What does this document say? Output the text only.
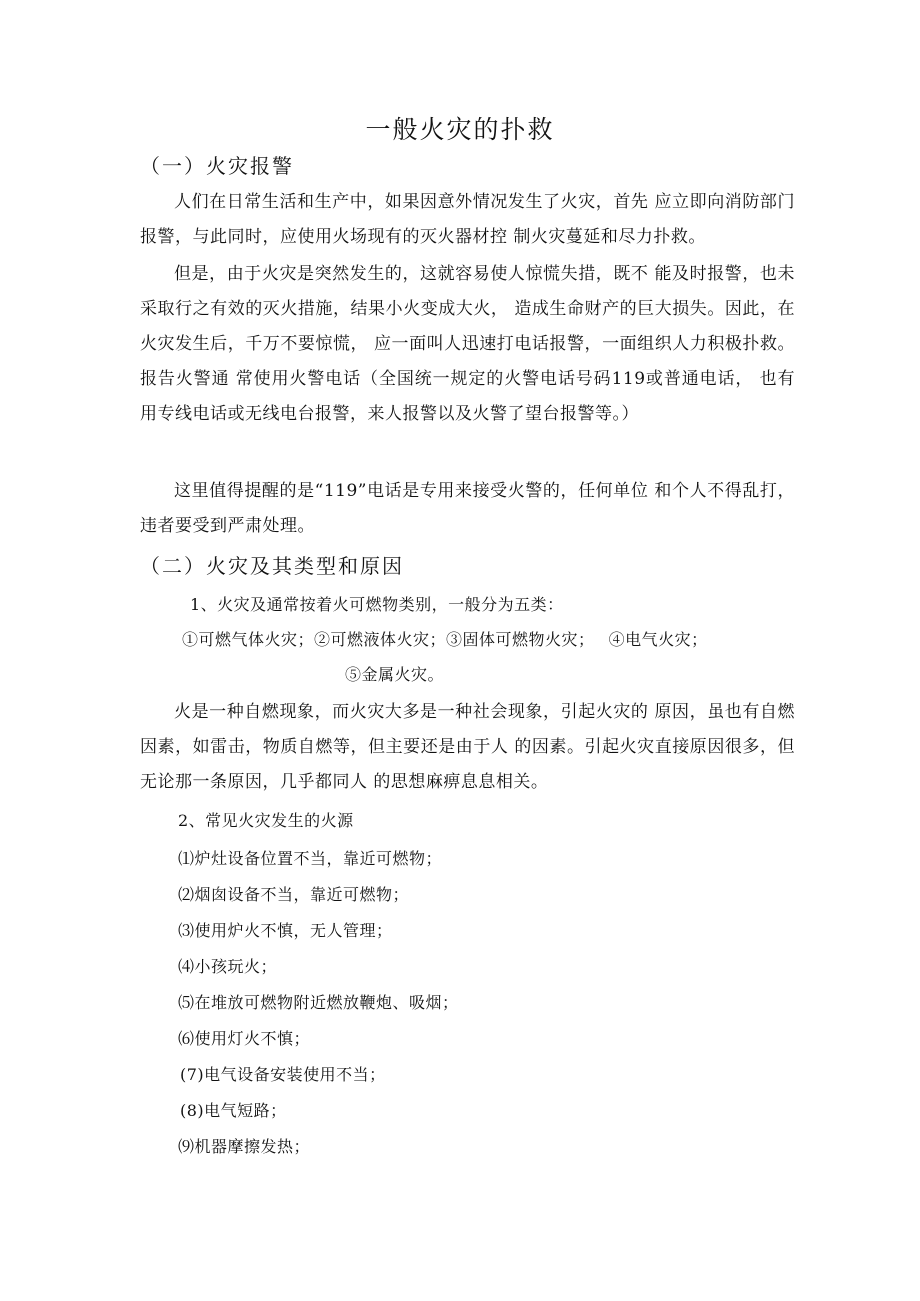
一般火灾的扑救
（一）火灾报警

人们在日常生活和生产中，如果因意外情况发生了火灾，首先 应立即向消防部门报警，与此同时，应使用火场现有的灭火器材控 制火灾蔓延和尽力扑救。

但是，由于火灾是突然发生的，这就容易使人惊慌失措，既不 能及时报警，也未采取行之有效的灭火措施，结果小火变成大火， 造成生命财产的巨大损失。因此，在火灾发生后，千万不要惊慌， 应一面叫人迅速打电话报警，一面组织人力积极扑救。报告火警通 常使用火警电话（全国统一规定的火警电话号码119或普通电话， 也有用专线电话或无线电台报警，来人报警以及火警了望台报警等。）

这里值得提醒的是“119”电话是专用来接受火警的，任何单位 和个人不得乱打，违者要受到严肃处理。

（二）火灾及其类型和原因
1、火灾及通常按着火可燃物类别，一般分为五类：
①可燃气体火灾；②可燃液体火灾；③固体可燃物火灾；　 ④电气火灾；
⑤金属火灾。

火是一种自燃现象，而火灾大多是一种社会现象，引起火灾的 原因，虽也有自燃因素，如雷击，物质自燃等，但主要还是由于人 的因素。引起火灾直接原因很多，但无论那一条原因，几乎都同人 的思想麻痹息息相关。

2、常见火灾发生的火源
⑴炉灶设备位置不当，靠近可燃物；
⑵烟囱设备不当，靠近可燃物；
⑶使用炉火不慎，无人管理；
⑷小孩玩火；
⑸在堆放可燃物附近燃放鞭炮、吸烟；
⑹使用灯火不慎；
(7)电气设备安装使用不当；
(8)电气短路；
⑼机器摩擦发热；
